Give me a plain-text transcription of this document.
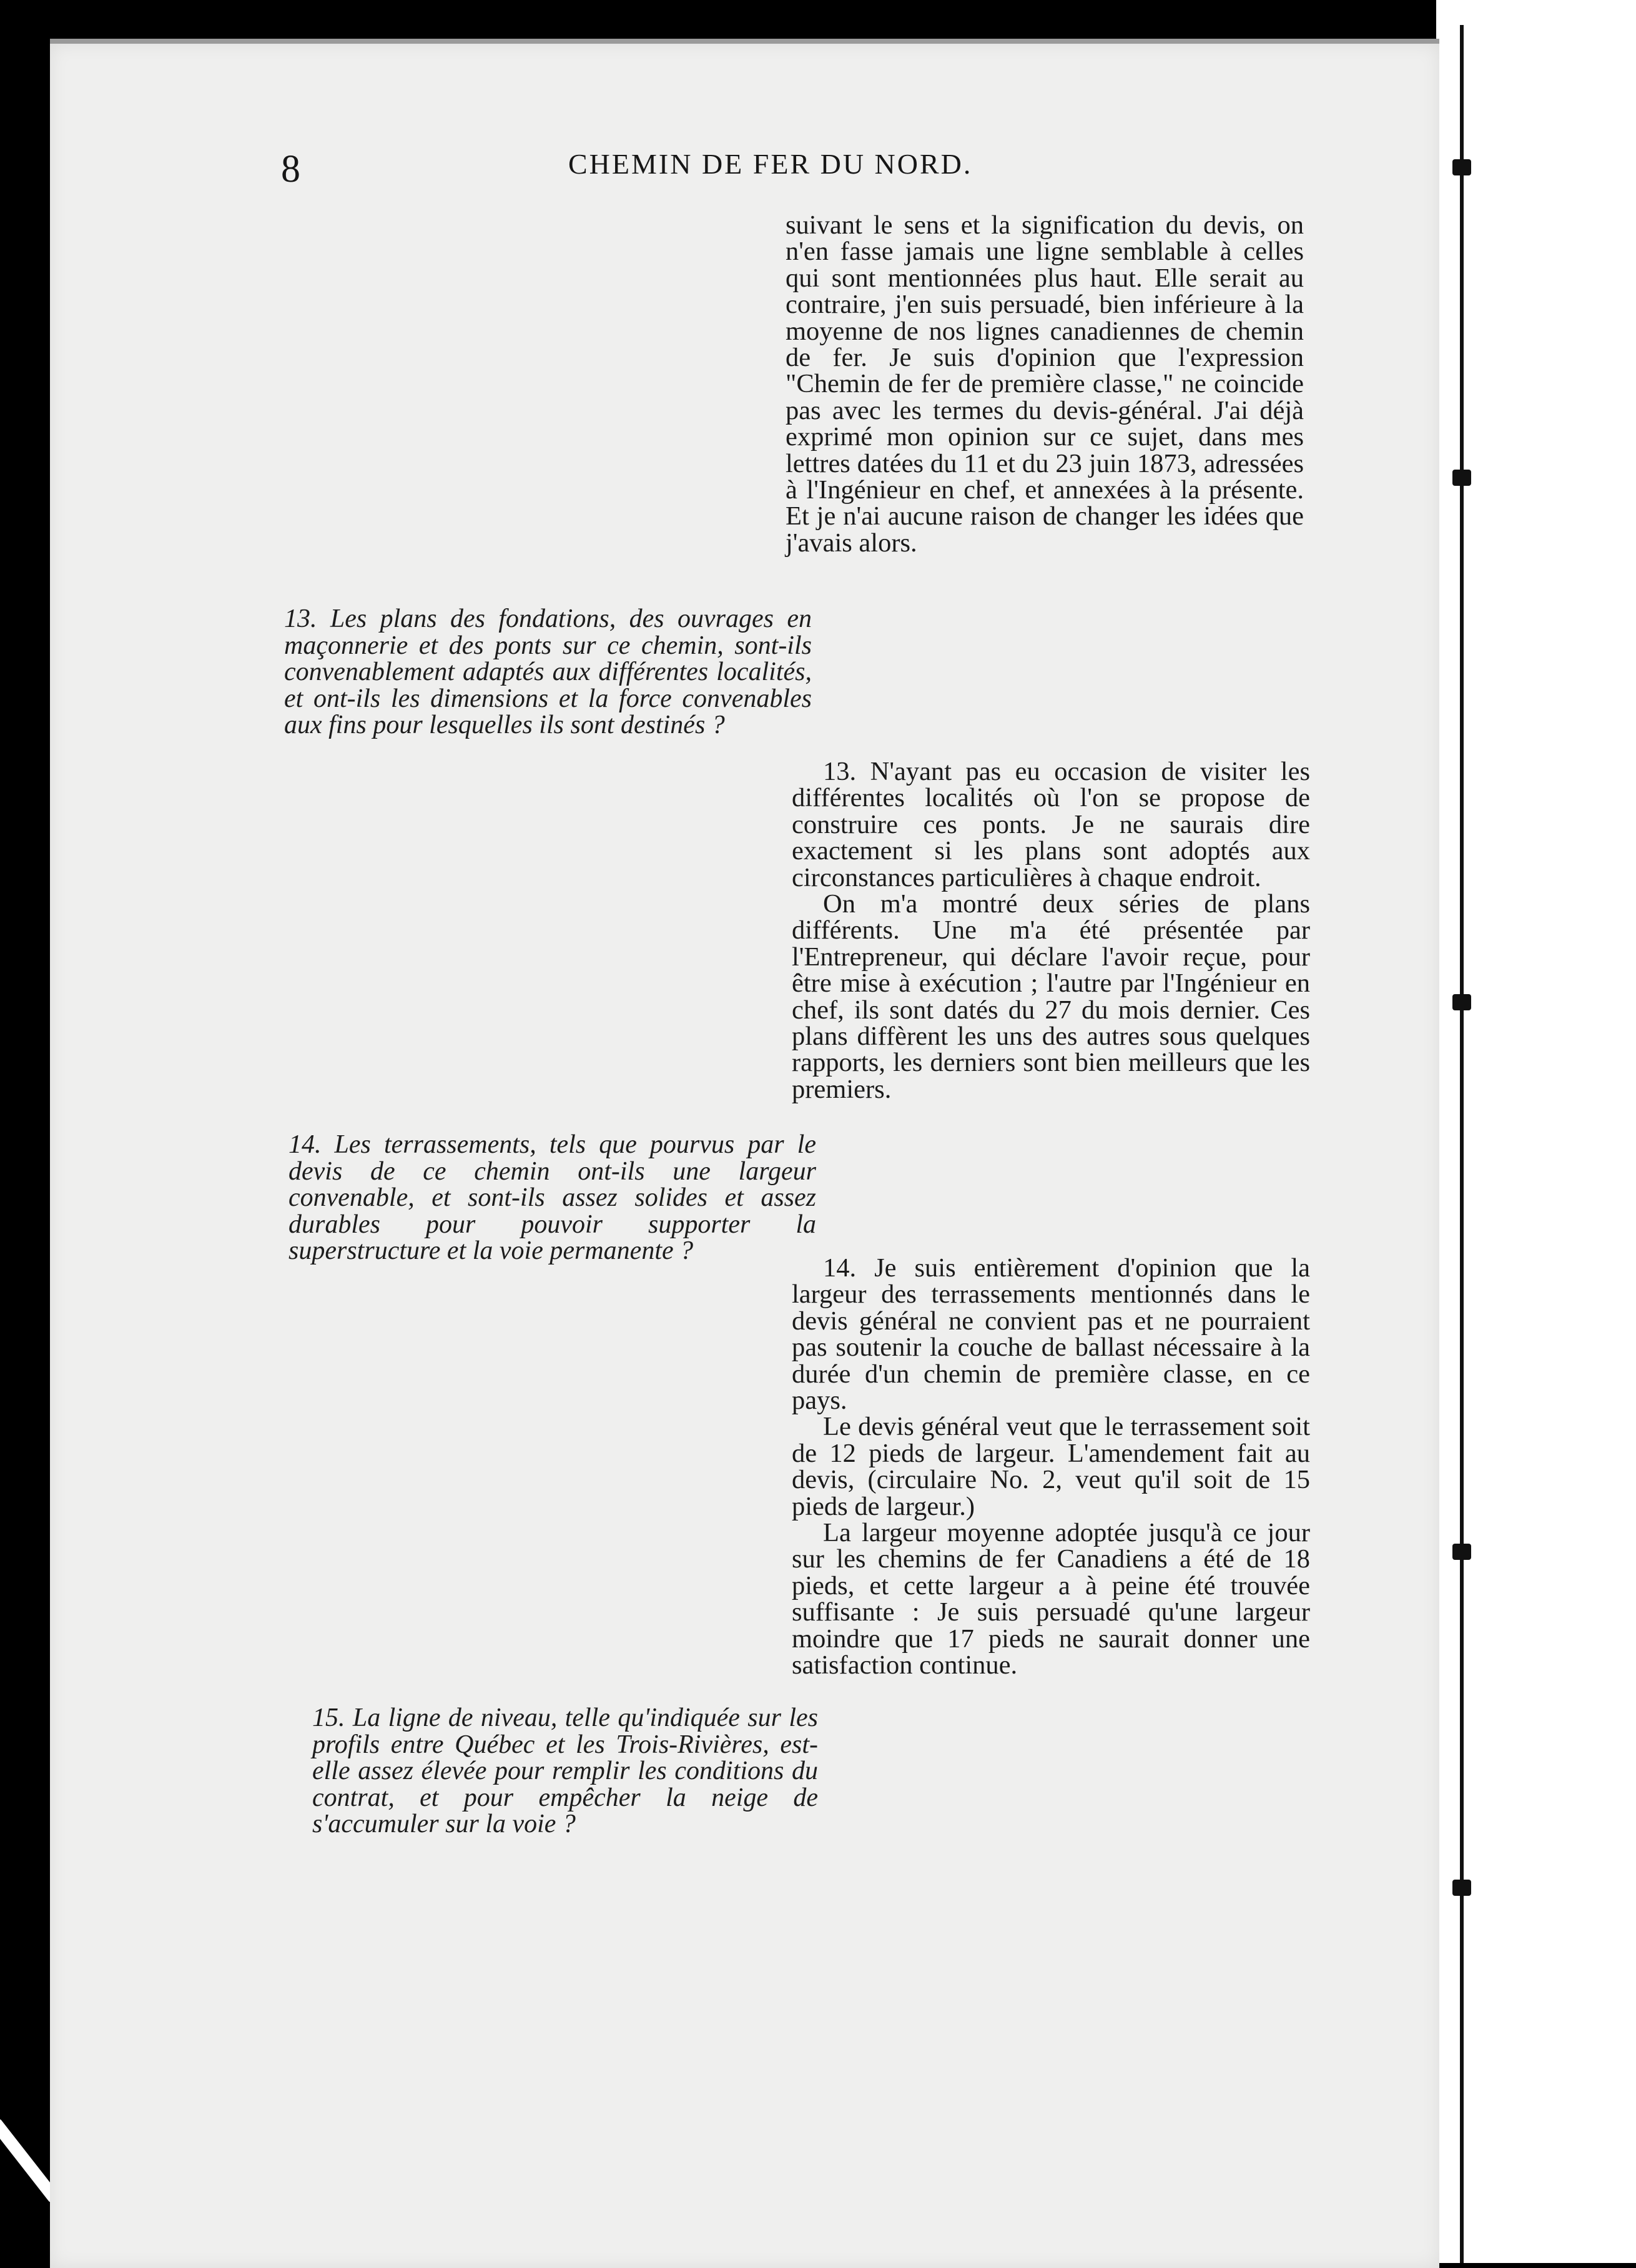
8	CHEMIN DE FER DU NORD.

suivant le sens et la signification du devis, on n'en fasse jamais une ligne semblable à celles qui sont mentionnées plus haut. Elle serait au contraire, j'en suis persuadé, bien inférieure à la moyenne de nos lignes canadiennes de chemin de fer. Je suis d'opinion que l'expression "Chemin de fer de première classe," ne coincide pas avec les termes du devis-général. J'ai déjà exprimé mon opinion sur ce sujet, dans mes lettres datées du 11 et du 23 juin 1873, adressées à l'Ingénieur en chef, et annexées à la présente. Et je n'ai aucune raison de changer les idées que j'avais alors.

13. Les plans des fondations, des ouvrages en maçonnerie et des ponts sur ce chemin, sont-ils convenablement adaptés aux différentes localités, et ont-ils les dimensions et la force convenables aux fins pour lesquelles ils sont destinés ?

13. N'ayant pas eu occasion de visiter les différentes localités où l'on se propose de construire ces ponts. Je ne saurais dire exactement si les plans sont adoptés aux circonstances particulières à chaque endroit.

On m'a montré deux séries de plans différents. Une m'a été présentée par l'Entrepreneur, qui déclare l'avoir reçue, pour être mise à exécution ; l'autre par l'Ingénieur en chef, ils sont datés du 27 du mois dernier. Ces plans diffèrent les uns des autres sous quelques rapports, les derniers sont bien meilleurs que les premiers.

14. Les terrassements, tels que pourvus par le devis de ce chemin ont-ils une largeur convenable, et sont-ils assez solides et assez durables pour pouvoir supporter la superstructure et la voie permanente ?

14. Je suis entièrement d'opinion que la largeur des terrassements mentionnés dans le devis général ne convient pas et ne pourraient pas soutenir la couche de ballast nécessaire à la durée d'un chemin de première classe, en ce pays.

Le devis général veut que le terrassement soit de 12 pieds de largeur. L'amendement fait au devis, (circulaire No. 2, veut qu'il soit de 15 pieds de largeur.)

La largeur moyenne adoptée jusqu'à ce jour sur les chemins de fer Canadiens a été de 18 pieds, et cette largeur a à peine été trouvée suffisante : Je suis persuadé qu'une largeur moindre que 17 pieds ne saurait donner une satisfaction continue.

15. La ligne de niveau, telle qu'indiquée sur les profils entre Québec et les Trois-Rivières, est-elle assez élevée pour remplir les conditions du contrat, et pour empêcher la neige de s'accumuler sur la voie ?
